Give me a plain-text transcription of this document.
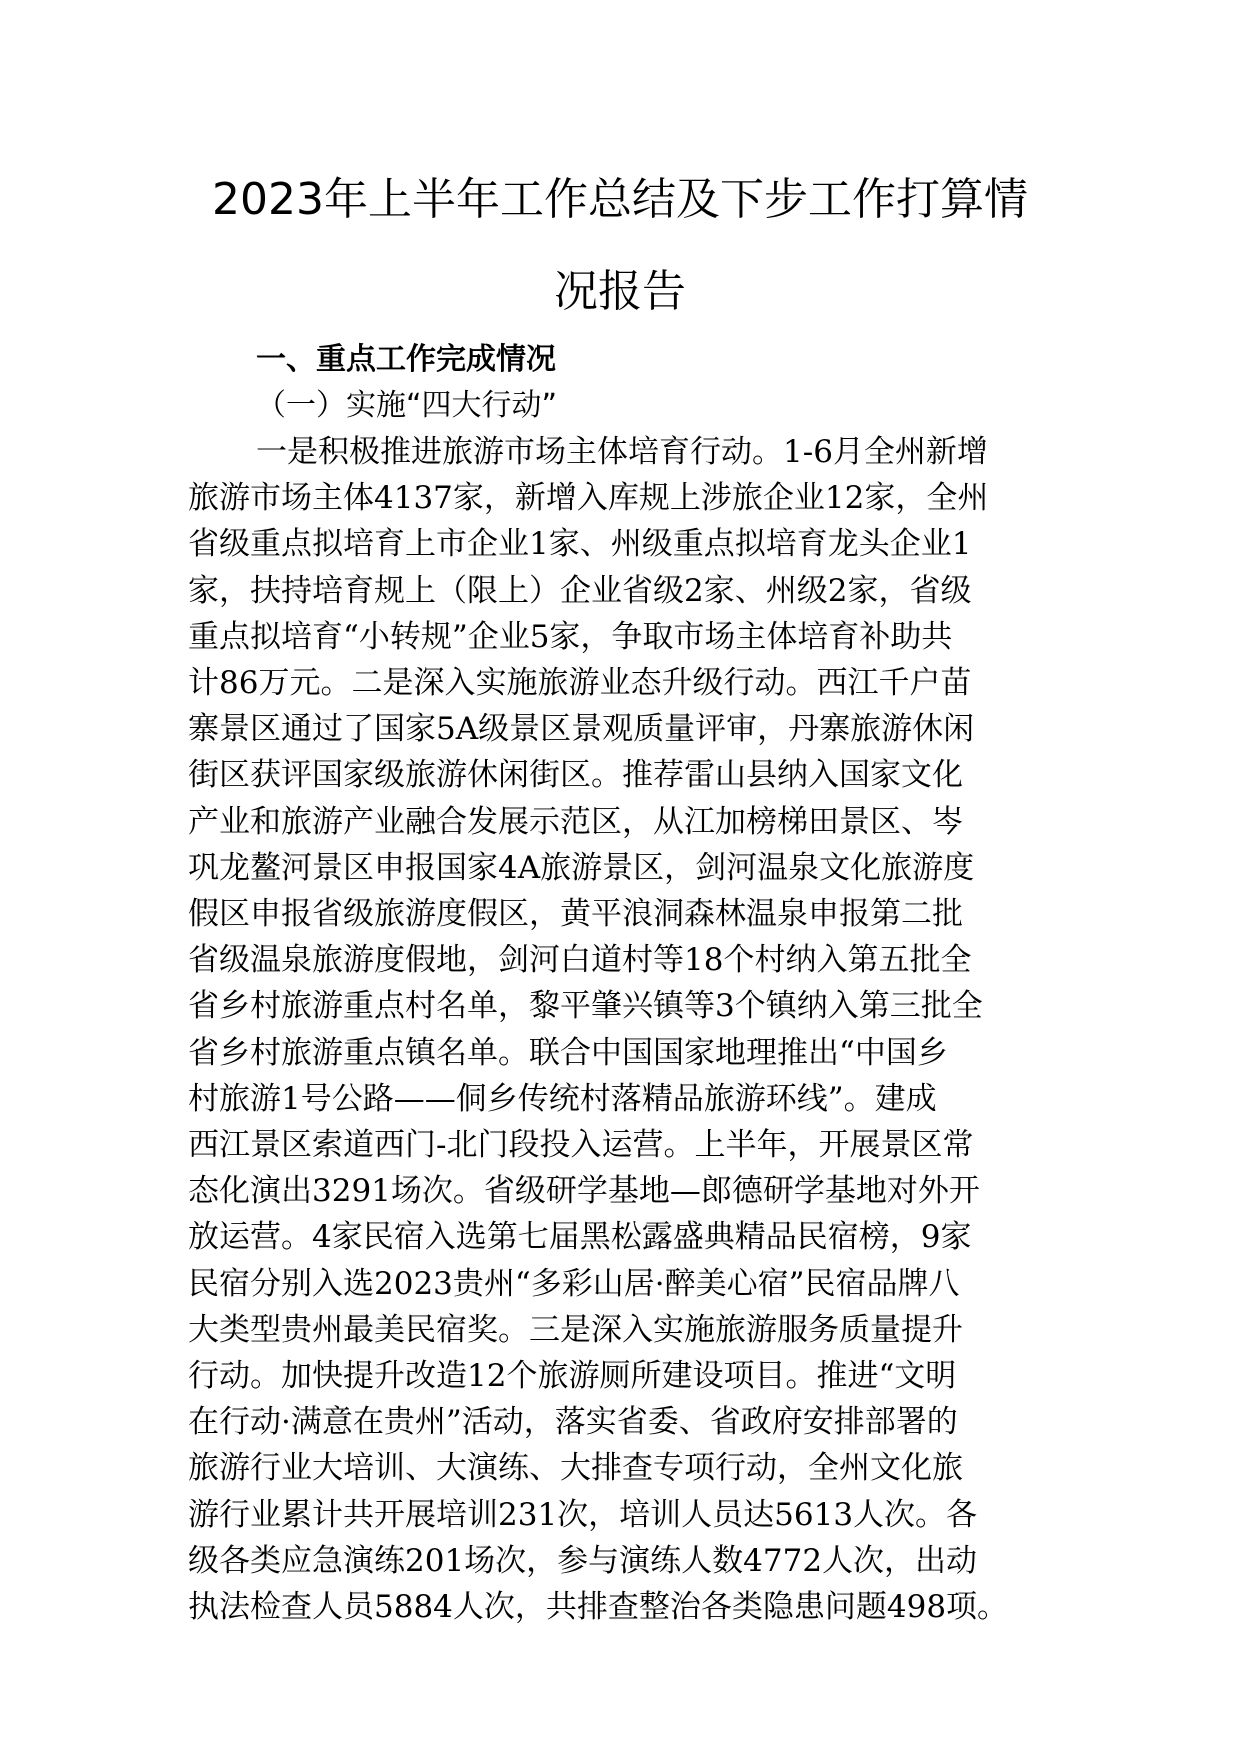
2023年上半年工作总结及下步工作打算情
况报告
一、重点工作完成情况
（一）实施“四大行动”
一是积极推进旅游市场主体培育行动。1-6月全州新增
旅游市场主体4137家，新增入库规上涉旅企业12家，全州
省级重点拟培育上市企业1家、州级重点拟培育龙头企业1
家，扶持培育规上（限上）企业省级2家、州级2家，省级
重点拟培育“小转规”企业5家，争取市场主体培育补助共
计86万元。二是深入实施旅游业态升级行动。西江千户苗
寨景区通过了国家5A级景区景观质量评审，丹寨旅游休闲
街区获评国家级旅游休闲街区。推荐雷山县纳入国家文化
产业和旅游产业融合发展示范区，从江加榜梯田景区、岑
巩龙鳌河景区申报国家4A旅游景区，剑河温泉文化旅游度
假区申报省级旅游度假区，黄平浪洞森林温泉申报第二批
省级温泉旅游度假地，剑河白道村等18个村纳入第五批全
省乡村旅游重点村名单，黎平肇兴镇等3个镇纳入第三批全
省乡村旅游重点镇名单。联合中国国家地理推出“中国乡
村旅游1号公路——侗乡传统村落精品旅游环线”。建成
西江景区索道西门-北门段投入运营。上半年，开展景区常
态化演出3291场次。省级研学基地—郎德研学基地对外开
放运营。4家民宿入选第七届黑松露盛典精品民宿榜，9家
民宿分别入选2023贵州“多彩山居·醉美心宿”民宿品牌八
大类型贵州最美民宿奖。三是深入实施旅游服务质量提升
行动。加快提升改造12个旅游厕所建设项目。推进“文明
在行动·满意在贵州”活动，落实省委、省政府安排部署的
旅游行业大培训、大演练、大排查专项行动，全州文化旅
游行业累计共开展培训231次，培训人员达5613人次。各
级各类应急演练201场次，参与演练人数4772人次，出动
执法检查人员5884人次，共排查整治各类隐患问题498项。
